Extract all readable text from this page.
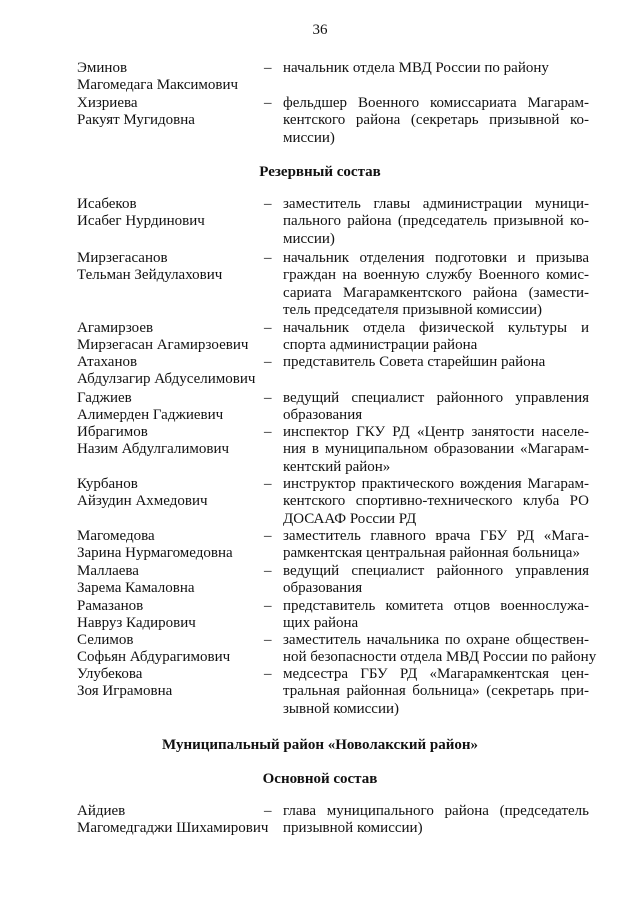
36
Эминов
Магомедага Максимович
– начальник отдела МВД России по району
Хизриева
Ракуят Мугидовна
– фельдшер Военного комиссариата Магарам-
кентского района (секретарь призывной ко-
миссии)
Резервный состав
Исабеков
Исабег Нурдинович
– заместитель главы администрации муници-
пального района (председатель призывной ко-
миссии)
Мирзегасанов
Тельман Зейдулахович
– начальник отделения подготовки и призыва
граждан на военную службу Военного комис-
сариата Магарамкентского района (замести-
тель председателя призывной комиссии)
Агамирзоев
Мирзегасан Агамирзоевич
– начальник отдела физической культуры и
спорта администрации района
Атаханов
Абдулзагир Абдуселимович
– представитель Совета старейшин района
Гаджиев
Алимерден Гаджиевич
– ведущий специалист районного управления
образования
Ибрагимов
Назим Абдулгалимович
– инспектор ГКУ РД «Центр занятости населе-
ния в муниципальном образовании «Магарам-
кентский район»
Курбанов
Айзудин Ахмедович
– инструктор практического вождения Магарам-
кентского спортивно-технического клуба РО
ДОСААФ России РД
Магомедова
Зарина Нурмагомедовна
– заместитель главного врача ГБУ РД «Мага-
рамкентская центральная районная больница»
Маллаева
Зарема Камаловна
– ведущий специалист районного управления
образования
Рамазанов
Навруз Кадирович
– представитель комитета отцов военнослужа-
щих района
Селимов
Софьян Абдурагимович
– заместитель начальника по охране обществен-
ной безопасности отдела МВД России по району
Улубекова
Зоя Играмовна
– медсестра ГБУ РД «Магарамкентская цен-
тральная районная больница» (секретарь при-
зывной комиссии)
Муниципальный район «Новолакский район»
Основной состав
Айдиев
Магомедгаджи Шихамирович
– глава муниципального района (председатель
призывной комиссии)
